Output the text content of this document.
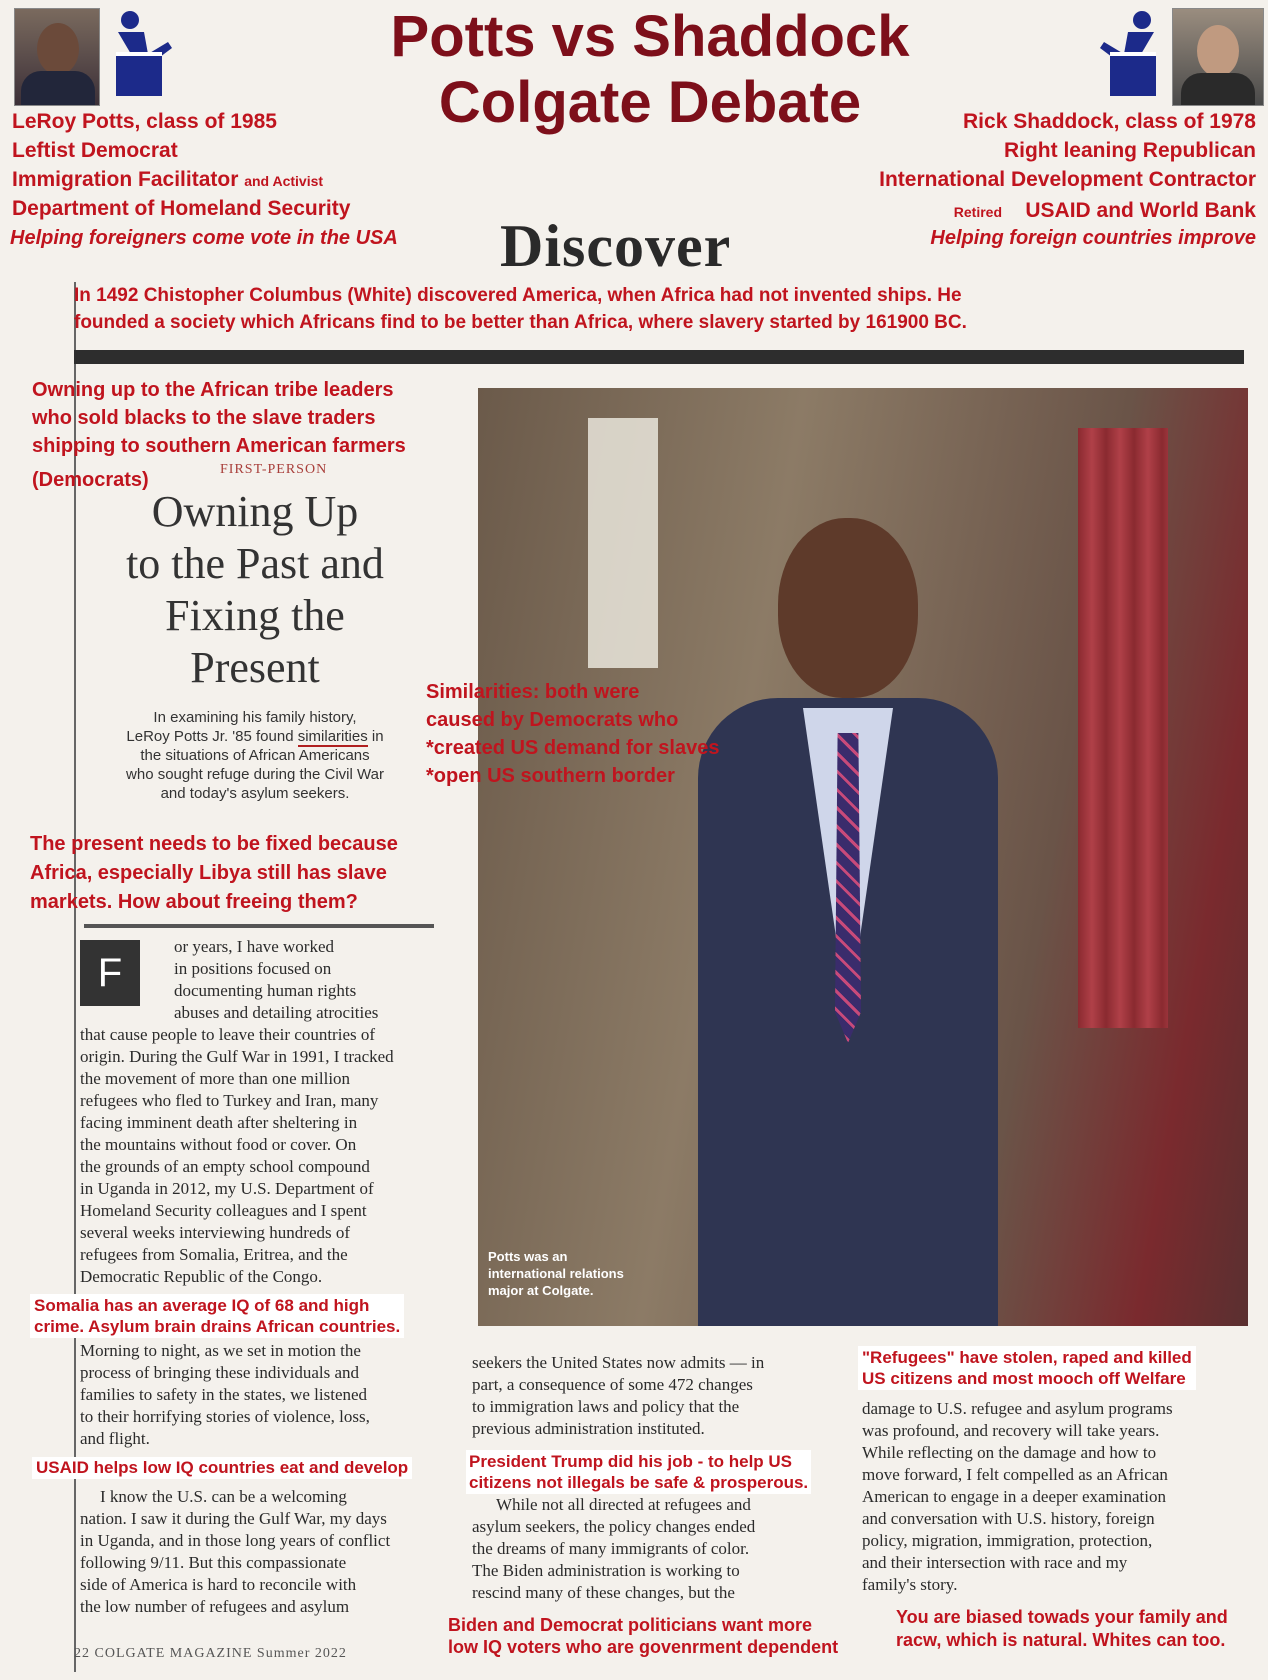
Potts vs Shaddock
Colgate Debate
LeRoy Potts, class of 1985
Leftist Democrat
Immigration Facilitator and Activist
Department of Homeland Security
Helping foreigners come vote in the USA
Rick Shaddock, class of 1978
Right leaning Republican
International Development Contractor
Retired USAID and World Bank
Helping foreign countries improve
Discover
In 1492 Chistopher Columbus (White) discovered America, when Africa had not invented ships. He
founded a society which Africans find to be better than Africa, where slavery started by 161900 BC.
Potts was an
international relations
major at Colgate.
Owning up to the African tribe leaders
who sold blacks to the slave traders
shipping to southern American farmers
(Democrats)	FIRST-PERSON
Owning Up
to the Past and
Fixing the
Present
In examining his family history,
LeRoy Potts Jr. '85 found similarities in
the situations of African Americans
who sought refuge during the Civil War
and today's asylum seekers.
Similarities: both were
caused by Democrats who
*created US demand for slaves
*open US southern border
The present needs to be fixed because
Africa, especially Libya still has slave
markets. How about freeing them?
F
or years, I have worked
in positions focused on
documenting human rights
abuses and detailing atrocities
that cause people to leave their countries of
origin. During the Gulf War in 1991, I tracked
the movement of more than one million
refugees who fled to Turkey and Iran, many
facing imminent death after sheltering in
the mountains without food or cover. On
the grounds of an empty school compound
in Uganda in 2012, my U.S. Department of
Homeland Security colleagues and I spent
several weeks interviewing hundreds of
refugees from Somalia, Eritrea, and the
Democratic Republic of the Congo.
Somalia has an average IQ of 68 and high
crime. Asylum brain drains African countries.
Morning to night, as we set in motion the
process of bringing these individuals and
families to safety in the states, we listened
to their horrifying stories of violence, loss,
and flight.
USAID helps low IQ countries eat and develop
I know the U.S. can be a welcoming
nation. I saw it during the Gulf War, my days
in Uganda, and in those long years of conflict
following 9/11. But this compassionate
side of America is hard to reconcile with
the low number of refugees and asylum
seekers the United States now admits — in
part, a consequence of some 472 changes
to immigration laws and policy that the
previous administration instituted.
President Trump did his job - to help US
citizens not illegals be safe & prosperous.
While not all directed at refugees and
asylum seekers, the policy changes ended
the dreams of many immigrants of color.
The Biden administration is working to
rescind many of these changes, but the
Biden and Democrat politicians want more
low IQ voters who are govenrment dependent
"Refugees" have stolen, raped and killed
US citizens and most mooch off Welfare
damage to U.S. refugee and asylum programs
was profound, and recovery will take years.
While reflecting on the damage and how to
move forward, I felt compelled as an African
American to engage in a deeper examination
and conversation with U.S. history, foreign
policy, migration, immigration, protection,
and their intersection with race and my
family's story.
You are biased towads your family and
racw, which is natural. Whites can too.
22 COLGATE MAGAZINE Summer 2022
